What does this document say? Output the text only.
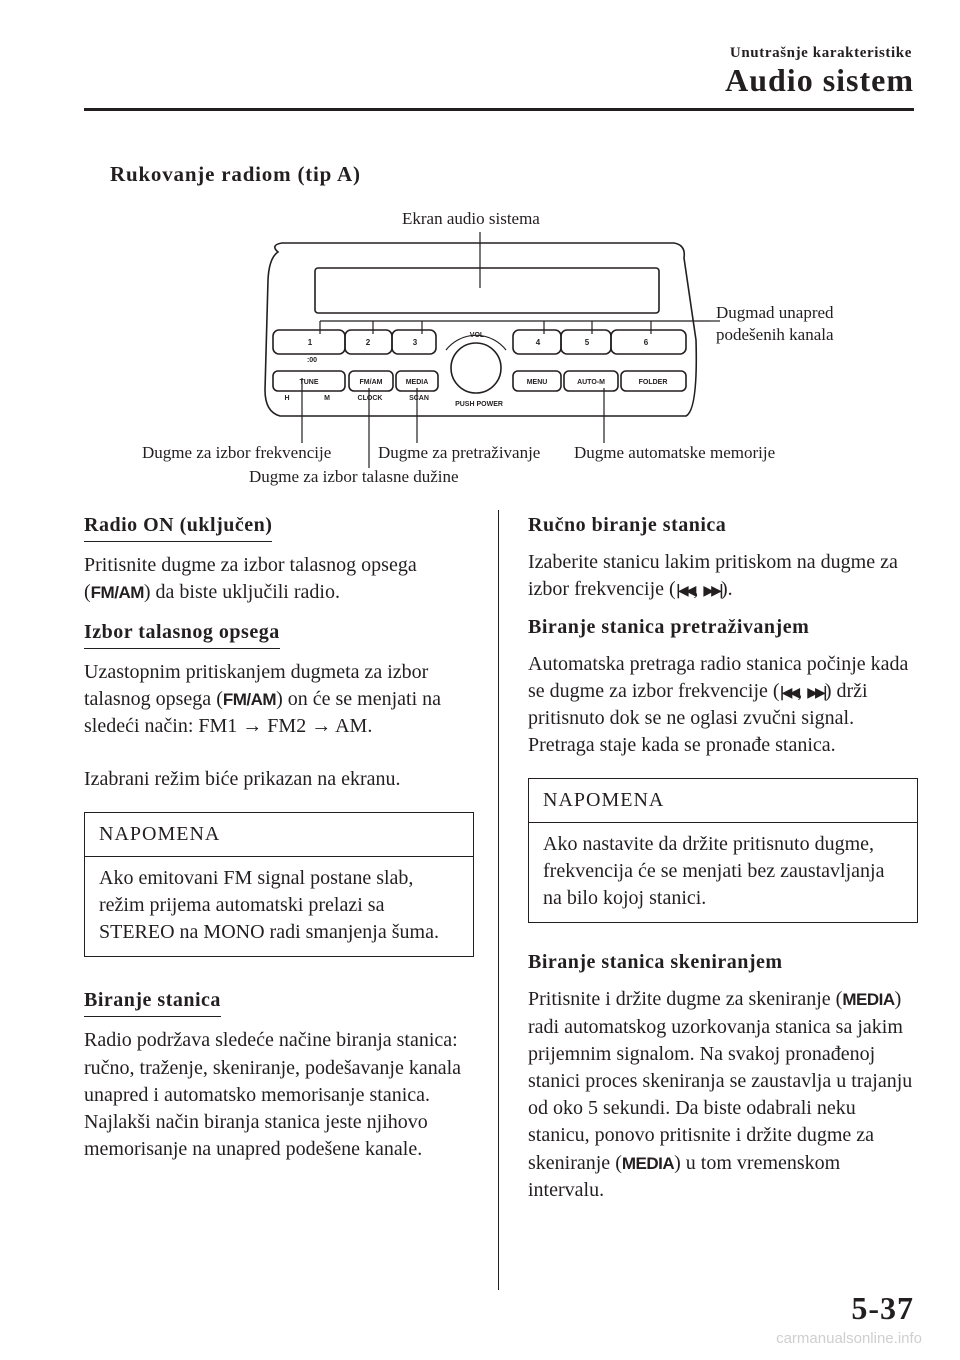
Unutrašnje karakteristike
Audio sistem
Rukovanje radiom (tip A)
1	2	3	4	5	6
:00
VOL
PUSH POWER
TUNE	FM/AM	MEDIA	MENU	AUTO-M	FOLDER
H	M	CLOCK	SCAN
Ekran audio sistema
Dugmad unapred
podešenih kanala
Dugme za izbor frekvencije	Dugme za pretraživanje Dugme automatske memorije
Dugme za izbor talasne dužine
Radio ON (uključen)

Pritisnite dugme za izbor talasnog opsega (FM/AM) da biste uključili radio.

Izbor talasnog opsega

Uzastopnim pritiskanjem dugmeta za izbor talasnog opsega (FM/AM) on će se menjati na sledeći način: FM1 → FM2 → AM.

Izabrani režim biće prikazan na ekranu.

NAPOMENA
Ako emitovani FM signal postane slab, režim prijema automatski prelazi sa STEREO na MONO radi smanjenja šuma.
Biranje stanica

Radio podržava sledeće načine biranja stanica: ručno, traženje, skeniranje, podešavanje kanala unapred i automatsko memorisanje stanica. Najlakši način biranja stanica jeste njihovo memorisanje na unapred podešene kanale.

Ručno biranje stanica

Izaberite stanicu lakim pritiskom na dugme za izbor frekvencije (|◀◀, ▶▶|).

Biranje stanica pretraživanjem

Automatska pretraga radio stanica počinje kada se dugme za izbor frekvencije (|◀◀, ▶▶|) drži pritisnuto dok se ne oglasi zvučni signal. Pretraga staje kada se pronađe stanica.

NAPOMENA
Ako nastavite da držite pritisnuto dugme, frekvencija će se menjati bez zaustavljanja na bilo kojoj stanici.
Biranje stanica skeniranjem

Pritisnite i držite dugme za skeniranje (MEDIA) radi automatskog uzorkovanja stanica sa jakim prijemnim signalom. Na svakoj pronađenoj stanici proces skeniranja se zaustavlja u trajanju od oko 5 sekundi. Da biste odabrali neku stanicu, ponovo pritisnite i držite dugme za skeniranje (MEDIA) u tom vremenskom intervalu.

5-37
carmanualsonline.info
